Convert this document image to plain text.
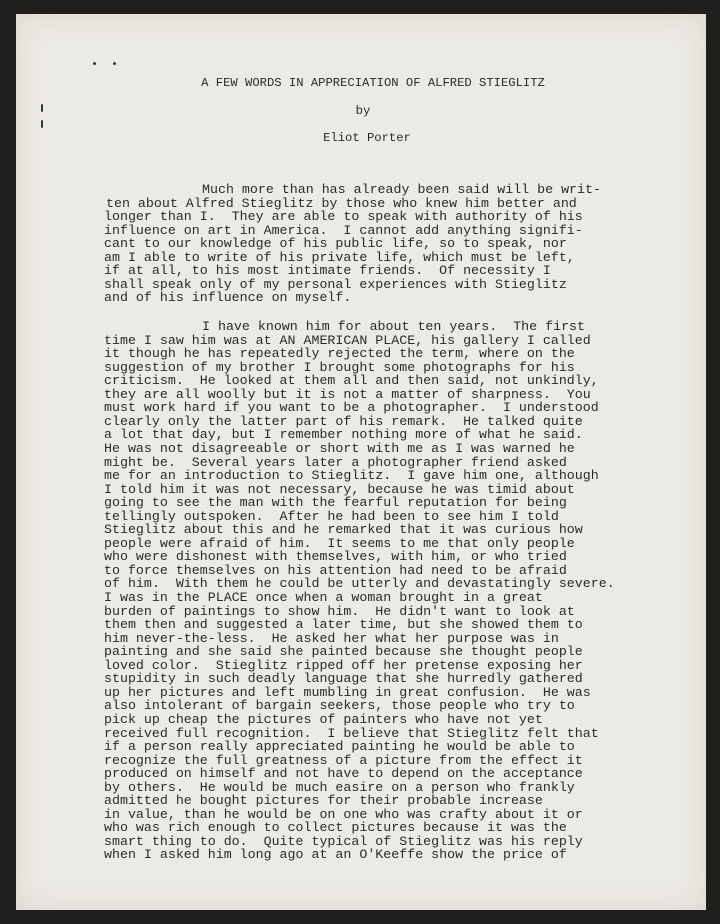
A FEW WORDS IN APPRECIATION OF ALFRED STIEGLITZ
by
Eliot Porter
Much more than has already been said will be writ-
ten about Alfred Stieglitz by those who knew him better and
longer than I.  They are able to speak with authority of his
influence on art in America.  I cannot add anything signifi-
cant to our knowledge of his public life, so to speak, nor
am I able to write of his private life, which must be left,
if at all, to his most intimate friends.  Of necessity I
shall speak only of my personal experiences with Stieglitz
and of his influence on myself.
I have known him for about ten years.  The first
time I saw him was at AN AMERICAN PLACE, his gallery I called
it though he has repeatedly rejected the term, where on the
suggestion of my brother I brought some photographs for his
criticism.  He looked at them all and then said, not unkindly,
they are all woolly but it is not a matter of sharpness.  You
must work hard if you want to be a photographer.  I understood
clearly only the latter part of his remark.  He talked quite
a lot that day, but I remember nothing more of what he said.
He was not disagreeable or short with me as I was warned he
might be.  Several years later a photographer friend asked
me for an introduction to Stieglitz.  I gave him one, although
I told him it was not necessary, because he was timid about
going to see the man with the fearful reputation for being
tellingly outspoken.  After he had been to see him I told
Stieglitz about this and he remarked that it was curious how
people were afraid of him.  It seems to me that only people
who were dishonest with themselves, with him, or who tried
to force themselves on his attention had need to be afraid
of him.  With them he could be utterly and devastatingly severe.
I was in the PLACE once when a woman brought in a great
burden of paintings to show him.  He didn't want to look at
them then and suggested a later time, but she showed them to
him never-the-less.  He asked her what her purpose was in
painting and she said she painted because she thought people
loved color.  Stieglitz ripped off her pretense exposing her
stupidity in such deadly language that she hurredly gathered
up her pictures and left mumbling in great confusion.  He was
also intolerant of bargain seekers, those people who try to
pick up cheap the pictures of painters who have not yet
received full recognition.  I believe that Stieglitz felt that
if a person really appreciated painting he would be able to
recognize the full greatness of a picture from the effect it
produced on himself and not have to depend on the acceptance
by others.  He would be much easire on a person who frankly
admitted he bought pictures for their probable increase
in value, than he would be on one who was crafty about it or
who was rich enough to collect pictures because it was the
smart thing to do.  Quite typical of Stieglitz was his reply
when I asked him long ago at an O'Keeffe show the price of
